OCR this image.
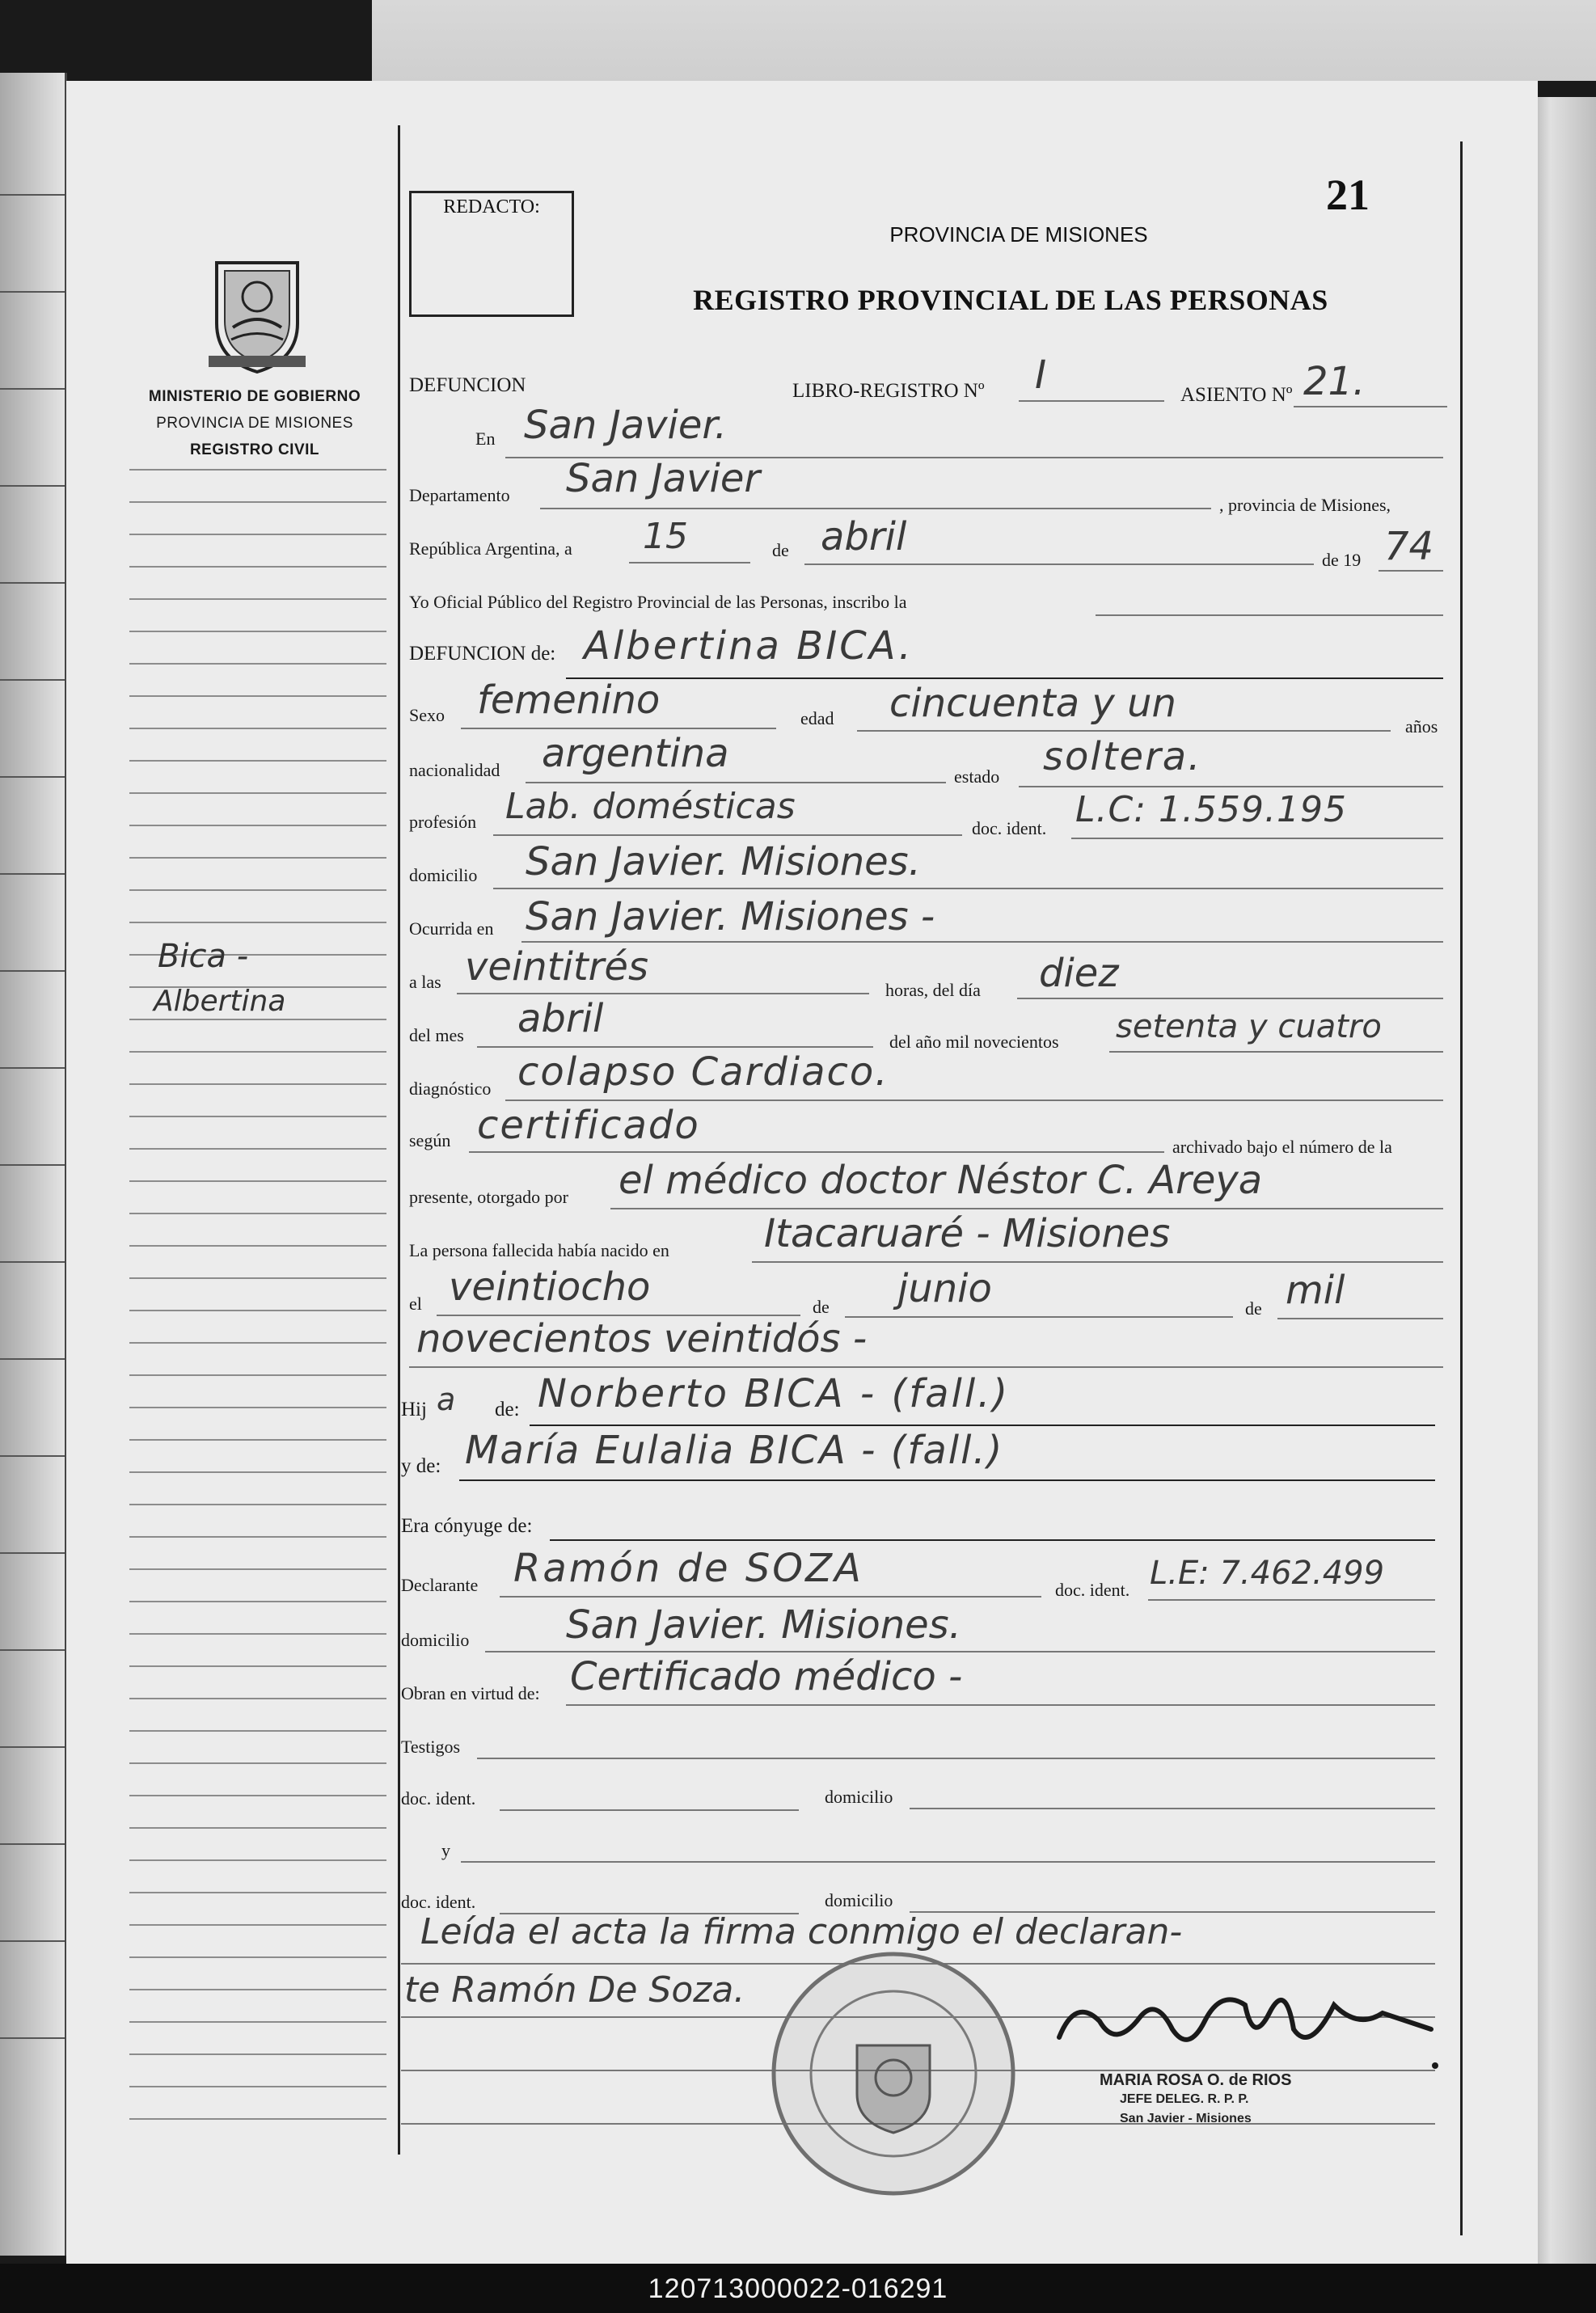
MINISTERIO DE GOBIERNO
PROVINCIA DE MISIONES
REGISTRO CIVIL
Bica -
Albertina
REDACTO:	21
PROVINCIA DE MISIONES
REGISTRO PROVINCIAL DE LAS PERSONAS
DEFUNCION	LIBRO-REGISTRO Nº I	ASIENTO Nº 21.
En San Javier.
Departamento San Javier
, provincia de Misiones,
República Argentina, a 15	de abril
de 19 74
Yo Oficial Público del Registro Provincial de las Personas, inscribo la
DEFUNCION de: Albertina BICA.
Sexo femenino	edad cincuenta y un
años
nacionalidad argentina
estado soltera.
profesión Lab. domésticas
doc. ident. L.C: 1.559.195
domicilio San Javier. Misiones.
Ocurrida en San Javier. Misiones -
a las veintitrés
horas, del día diez
del mes abril
del año mil novecientos setenta y cuatro
diagnóstico colapso Cardiaco.
según certificado	archivado bajo el número de la
presente, otorgado por el médico doctor Néstor C. Areya
La persona fallecida había nacido en Itacaruaré - Misiones
el veintiocho	de junio	de mil
novecientos veintidós -
Hij a de: Norberto BICA - (fall.)
y de: María Eulalia BICA - (fall.)
Era cónyuge de:
Declarante Ramón de SOZA	doc. ident. L.E: 7.462.499
domicilio San Javier. Misiones.
Obran en virtud de: Certificado médico -
Testigos
doc. ident.	domicilio
y
doc. ident.	domicilio
Leída el acta la firma conmigo el declaran-
te Ramón De Soza.
MARIA ROSA O. de RIOS
JEFE DELEG. R. P. P.
San Javier - Misiones
120713000022-016291
